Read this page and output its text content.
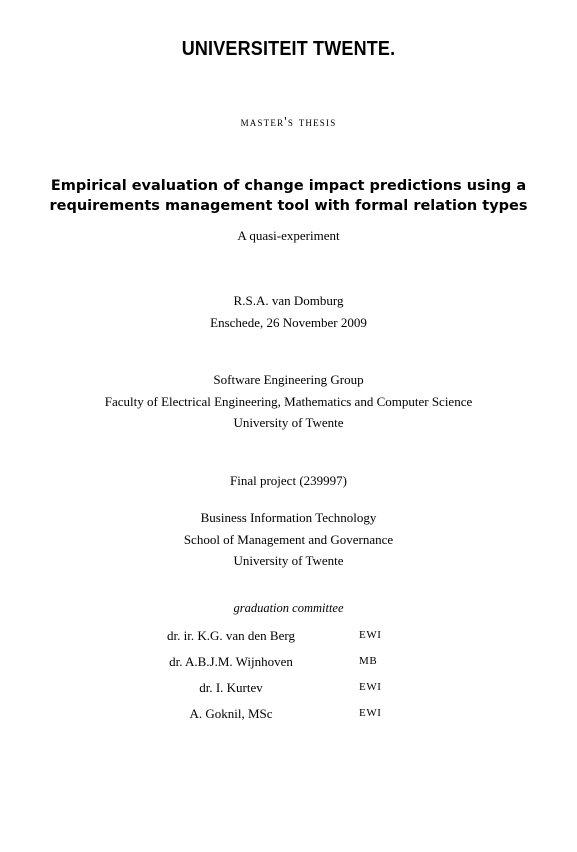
UNIVERSITEIT TWENTE.
master's thesis
Empirical evaluation of change impact predictions using a requirements management tool with formal relation types
A quasi-experiment
R.S.A. van Domburg
Enschede, 26 November 2009
Software Engineering Group
Faculty of Electrical Engineering, Mathematics and Computer Science
University of Twente
Final project (239997)
Business Information Technology
School of Management and Governance
University of Twente
graduation committee
dr. ir. K.G. van den Berg	EWI
dr. A.B.J.M. Wijnhoven	MB
dr. I. Kurtev	EWI
A. Goknil, MSc	EWI
